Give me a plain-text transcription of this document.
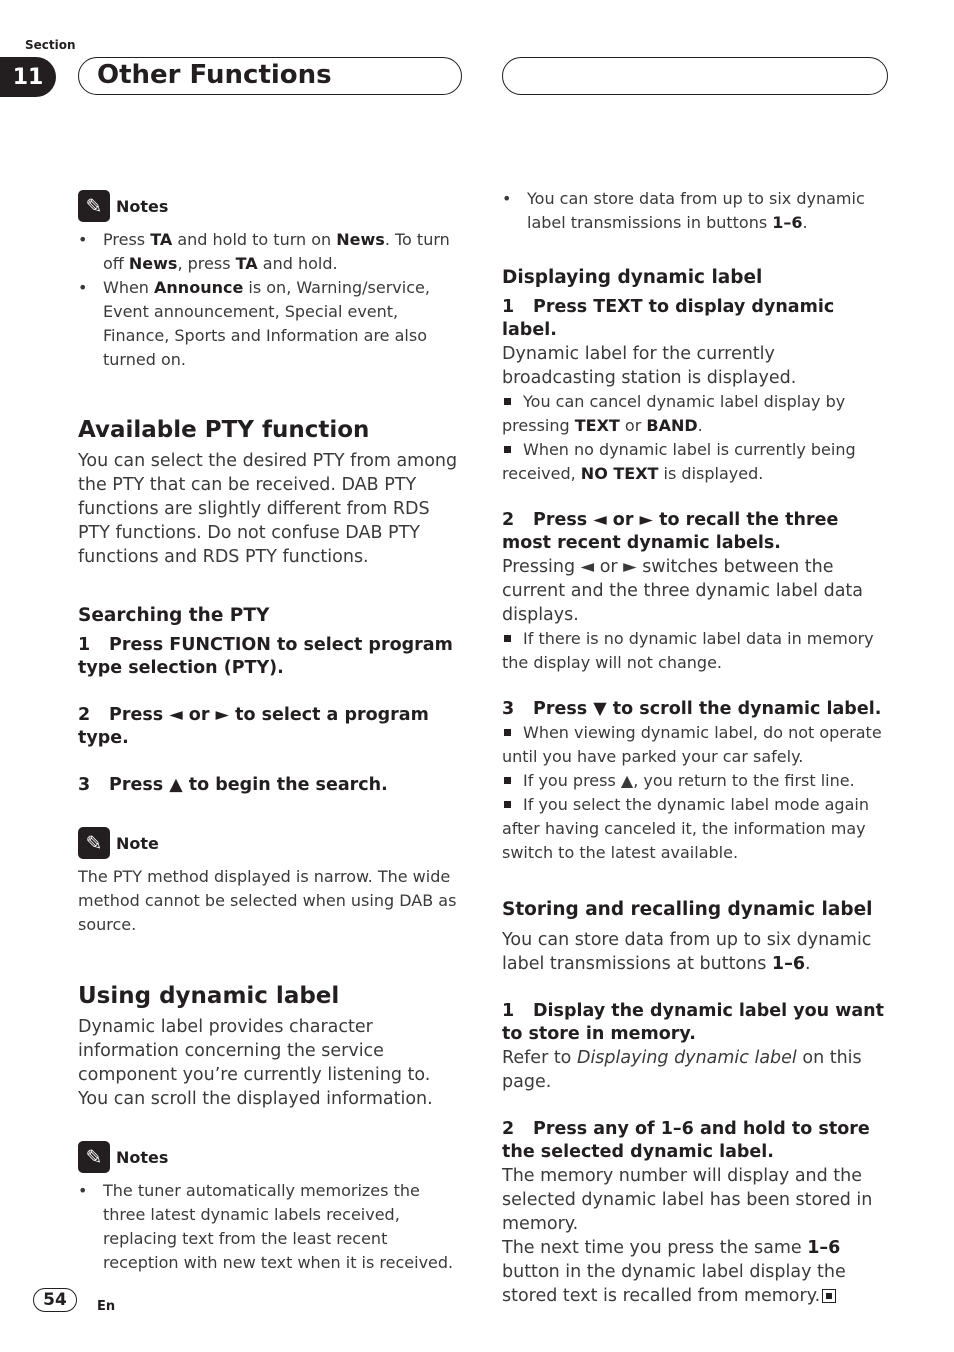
Section
11	Other Functions
✎ Notes
• Press TA and hold to turn on News. To turn off News, press TA and hold.
• When Announce is on, Warning/service, Event announcement, Special event, Finance, Sports and Information are also turned on.
Available PTY function
You can select the desired PTY from among the PTY that can be received. DAB PTY functions are slightly different from RDS PTY functions. Do not confuse DAB PTY functions and RDS PTY functions.
Searching the PTY
1 Press FUNCTION to select program type selection (PTY).
2 Press ◄ or ► to select a program type.
3 Press ▲ to begin the search.
✎ Note
The PTY method displayed is narrow. The wide method cannot be selected when using DAB as source.
Using dynamic label
Dynamic label provides character information concerning the service component you’re currently listening to. You can scroll the displayed information.
✎ Notes
• The tuner automatically memorizes the three latest dynamic labels received, replacing text from the least recent reception with new text when it is received.
• You can store data from up to six dynamic label transmissions in buttons 1–6.
Displaying dynamic label
1 Press TEXT to display dynamic label.
Dynamic label for the currently broadcasting station is displayed.
You can cancel dynamic label display by pressing TEXT or BAND.
When no dynamic label is currently being received, NO TEXT is displayed.
2 Press ◄ or ► to recall the three most recent dynamic labels.
Pressing ◄ or ► switches between the current and the three dynamic label data displays.
If there is no dynamic label data in memory the display will not change.
3 Press ▼ to scroll the dynamic label.
When viewing dynamic label, do not operate until you have parked your car safely.
If you press ▲, you return to the first line.
If you select the dynamic label mode again after having canceled it, the information may switch to the latest available.
Storing and recalling dynamic label
You can store data from up to six dynamic label transmissions at buttons 1–6.
1 Display the dynamic label you want to store in memory.
Refer to Displaying dynamic label on this page.
2 Press any of 1–6 and hold to store the selected dynamic label.
The memory number will display and the selected dynamic label has been stored in memory.
The next time you press the same 1–6 button in the dynamic label display the stored text is recalled from memory.
54	En
